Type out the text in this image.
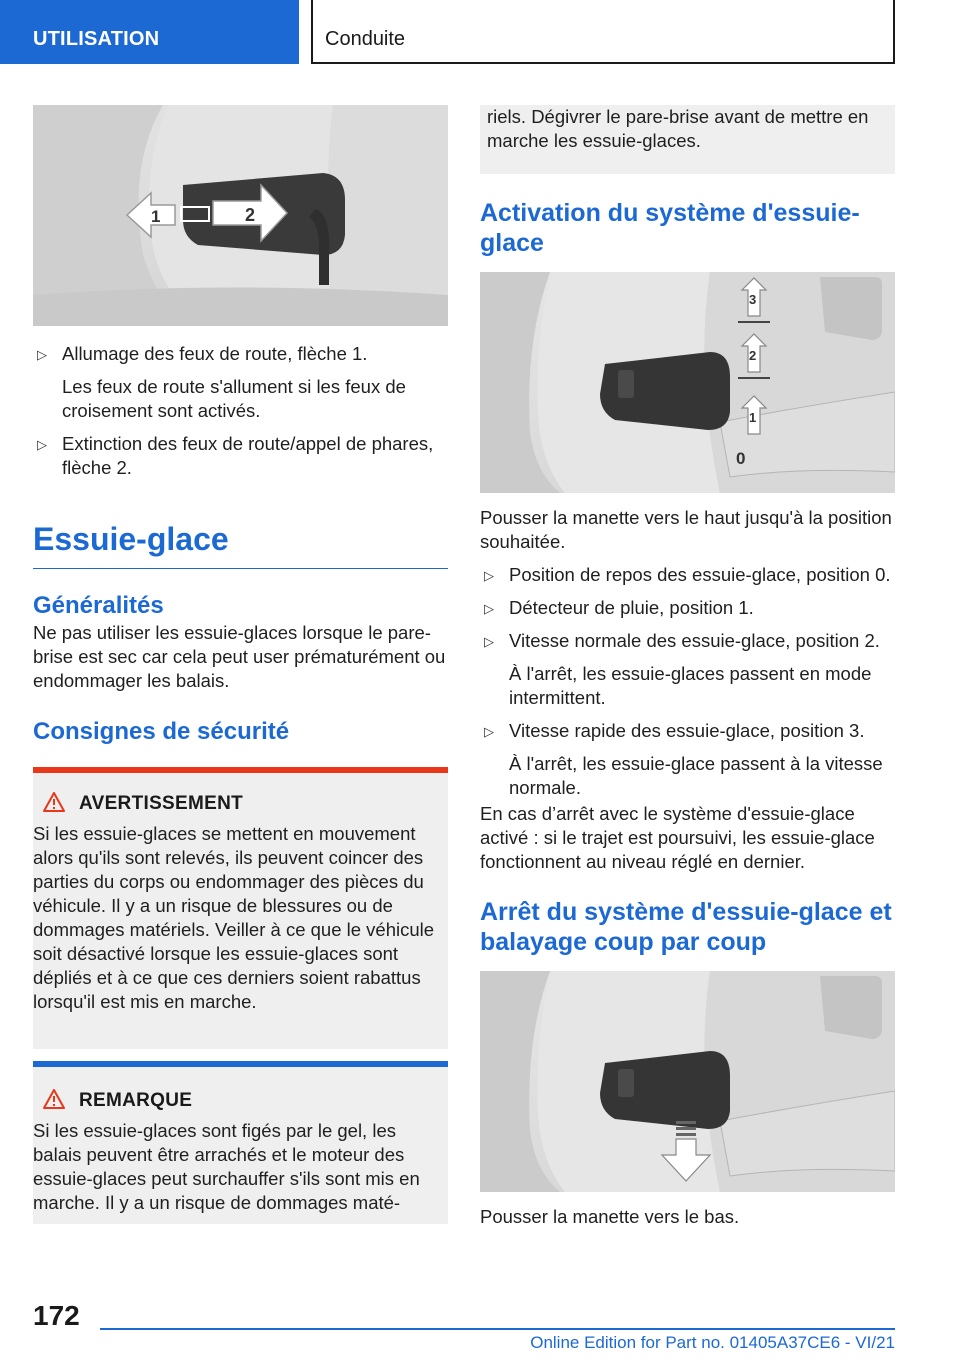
UTILISATION	Conduite
1	2
▷ Allumage des feux de route, flèche 1.
Les feux de route s'allument si les feux de croisement sont activés.
▷ Extinction des feux de route/appel de phares, flèche 2.
Essuie-glace
Généralités

Ne pas utiliser les essuie-glaces lorsque le pare-brise est sec car cela peut user prématurément ou endommager les balais.

Consignes de sécurité
AVERTISSEMENT

Si les essuie-glaces se mettent en mouvement alors qu'ils sont relevés, ils peuvent coincer des parties du corps ou endommager des pièces du véhicule. Il y a un risque de blessures ou de dommages matériels. Veiller à ce que le véhicule soit désactivé lorsque les essuie-glaces sont dépliés et à ce que ces derniers soient rabattus lorsqu'il est mis en marche.

REMARQUE

Si les essuie-glaces sont figés par le gel, les balais peuvent être arrachés et le moteur des essuie-glaces peut surchauffer s'ils sont mis en marche. Il y a un risque de dommages maté-

riels. Dégivrer le pare-brise avant de mettre en marche les essuie-glaces.
Activation du système d'essuie-glace
3
2
1
0

Pousser la manette vers le haut jusqu'à la position souhaitée.

▷ Position de repos des essuie-glace, position 0.
▷ Détecteur de pluie, position 1.
▷ Vitesse normale des essuie-glace, position 2.
À l'arrêt, les essuie-glaces passent en mode intermittent.
▷ Vitesse rapide des essuie-glace, position 3.
À l'arrêt, les essuie-glace passent à la vitesse normale.

En cas d’arrêt avec le système d'essuie-glace activé : si le trajet est poursuivi, les essuie-glace fonctionnent au niveau réglé en dernier.

Arrêt du système d'essuie-glace et balayage coup par coup

Pousser la manette vers le bas.

172
Online Edition for Part no. 01405A37CE6 - VI/21
